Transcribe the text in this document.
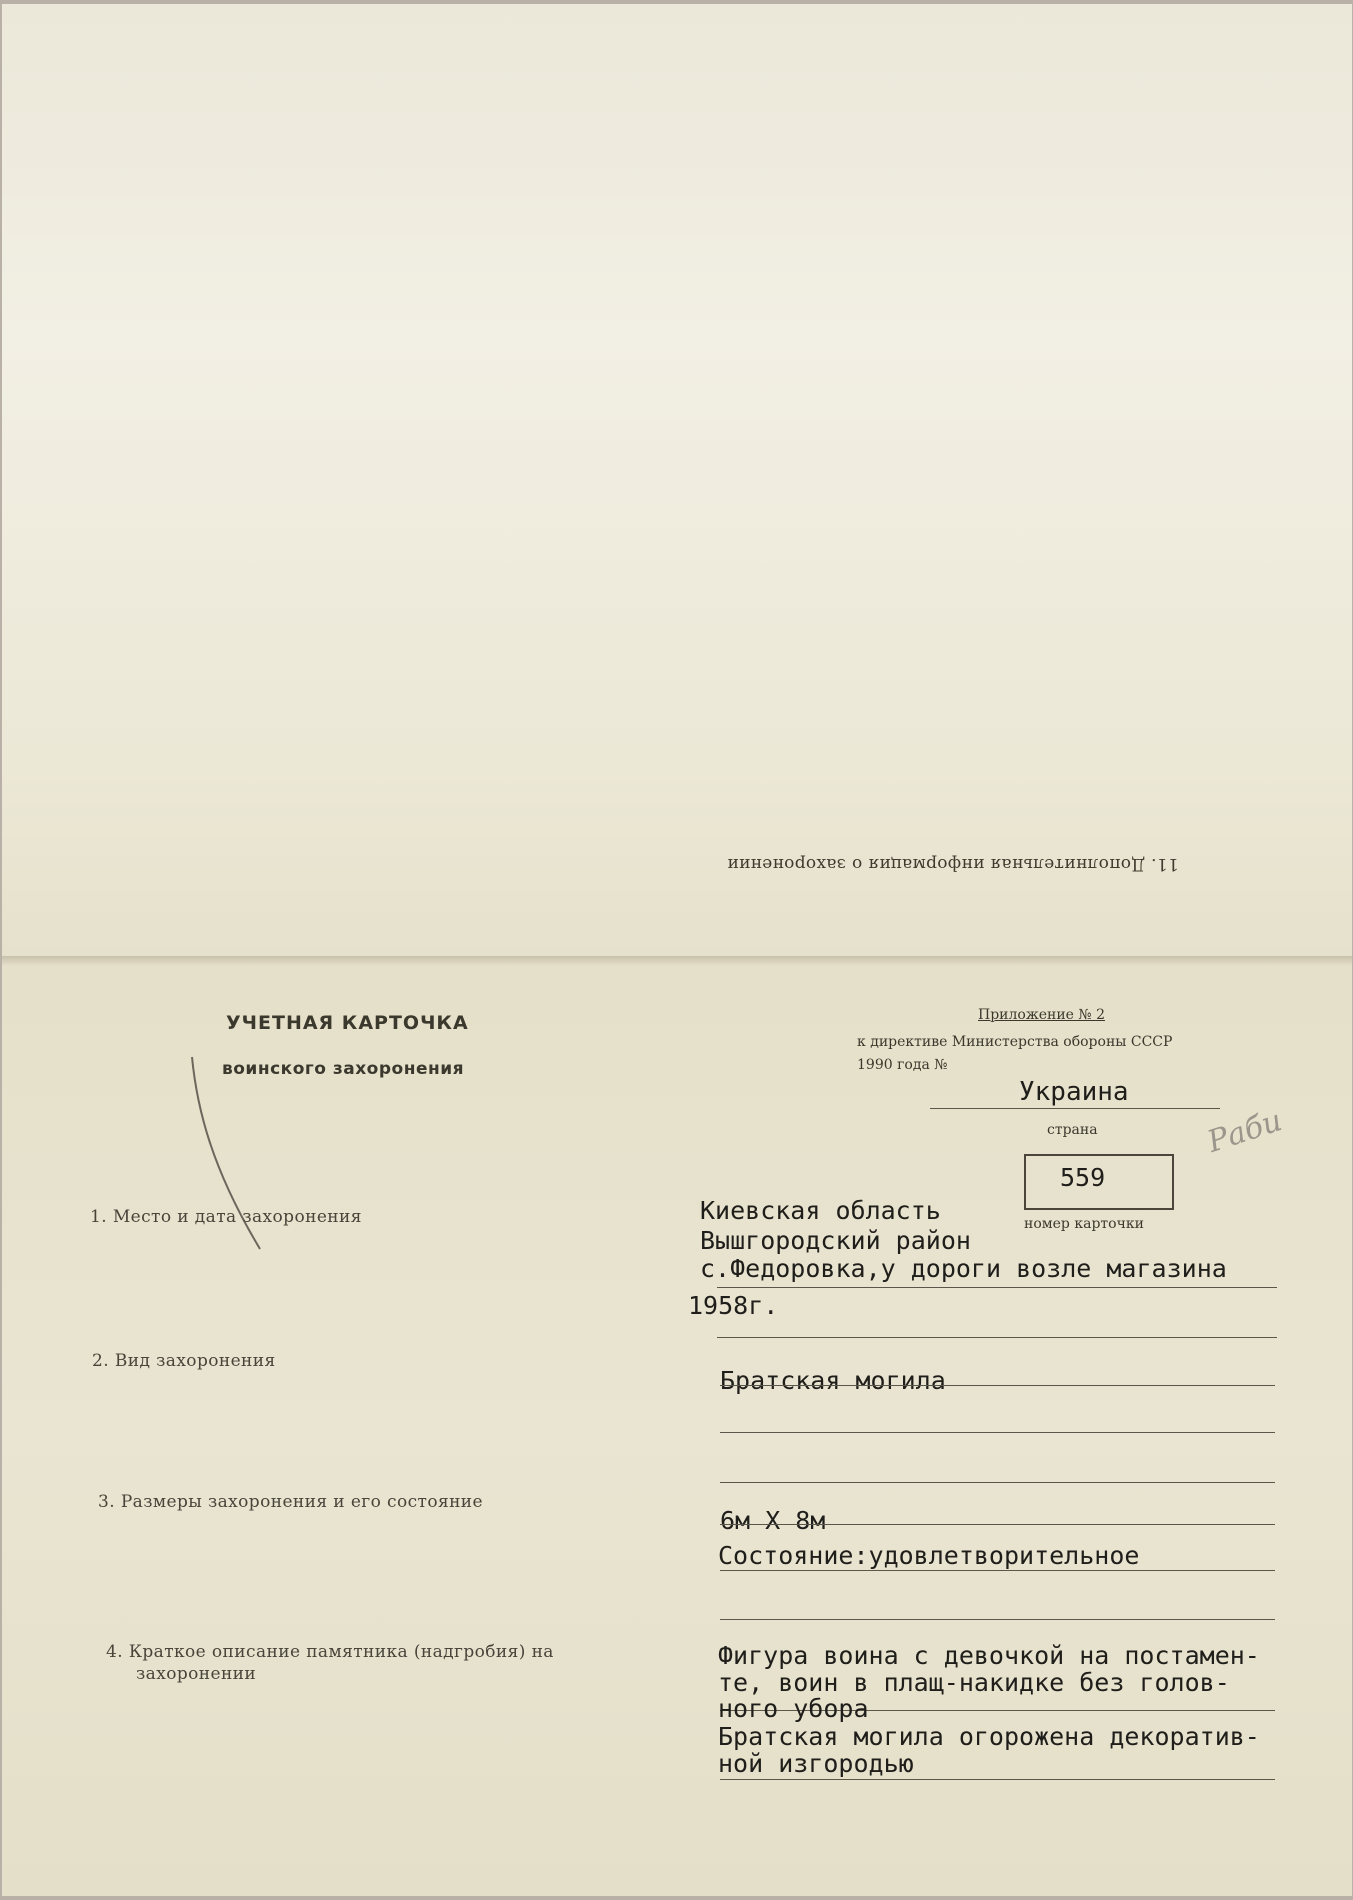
11. Дополнительная информация о захоронении
УЧЕТНАЯ КАРТОЧКА
воинского захоронения
Приложение № 2
к директиве Министерства обороны СССР
1990 года №
Украина
страна
559
номер карточки
Раби
1. Место и дата захоронения	Киевская область
Вышгородский район
с.Федоровка,у дороги возле магазина
1958г.
2. Вид захоронения
Братская могила
3. Размеры захоронения и его состояние
6м Х 8м
Состояние:удовлетворительное
4. Краткое описание памятника (надгробия) на
захоронении
Фигура воина с девочкой на постамен-
те, воин в плащ-накидке без голов-
ного убора
Братская могила огорожена декоратив-
ной изгородью
